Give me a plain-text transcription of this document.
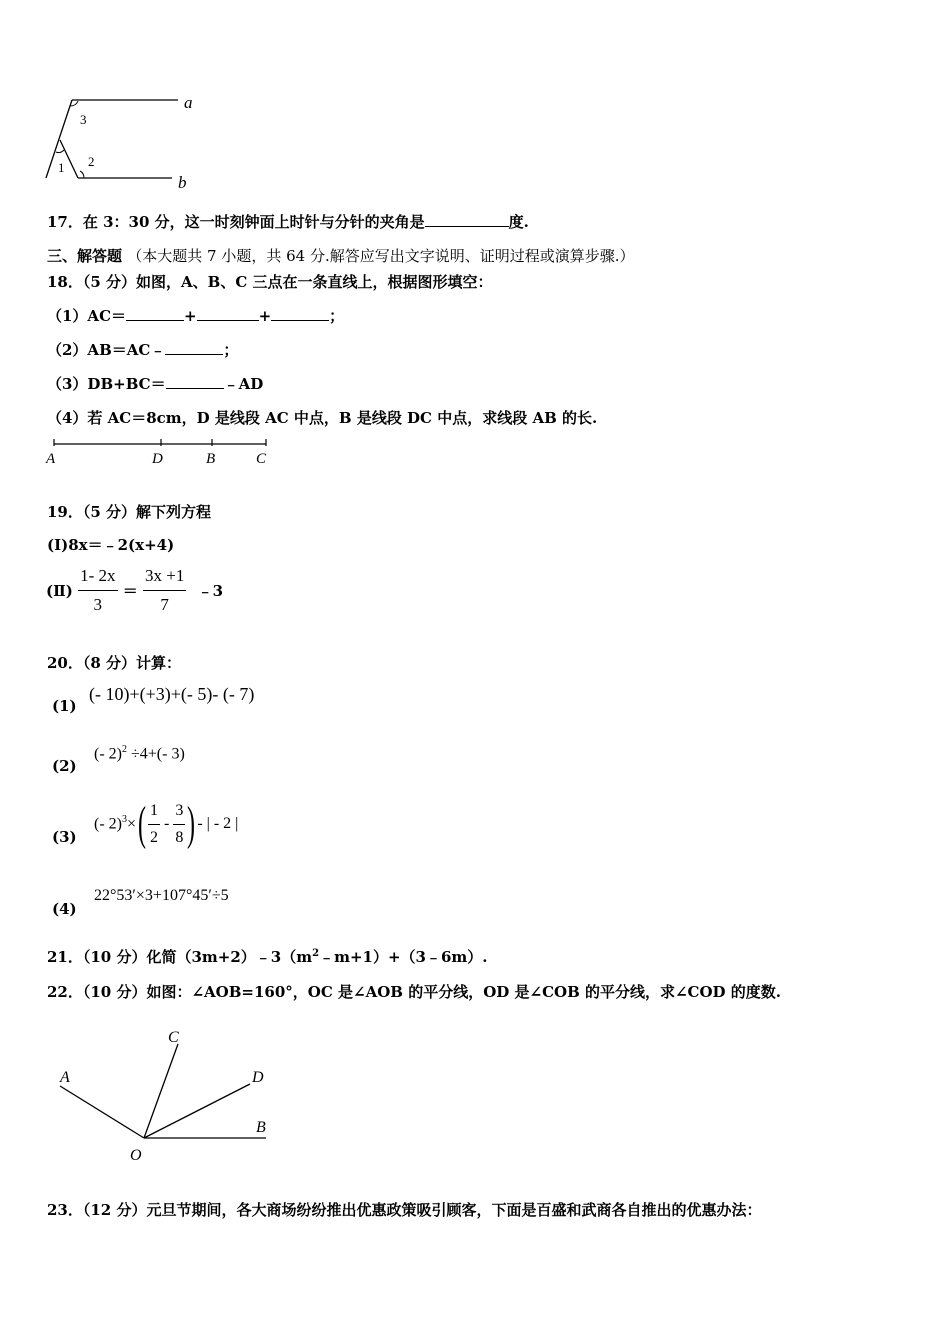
a
b
1 2
3
17．在 3：30 分，这一时刻钟面上时针与分针的夹角是	度.
三、解答题 （本大题共 7 小题，共 64 分.解答应写出文字说明、证明过程或演算步骤.）
18．（5 分）如图，A、B、C 三点在一条直线上，根据图形填空：
（1）AC＝	+	+	；
（2）AB＝AC﹣	；
（3）DB+BC＝	﹣AD
（4）若 AC＝8cm，D 是线段 AC 中点，B 是线段 DC 中点，求线段 AB 的长.
A	D	B	C
19．（5 分）解下列方程
(Ⅰ)8x＝﹣2(x+4)
(Ⅱ) $\frac{1- 2x}{3} = \frac{3x +1}{7}$ ﹣3
20．（8 分）计算：
(1)
(- 10)+(+3)+(- 5)- (- 7)
(2)
(- 2)$^2$ ÷4+(- 3)
(3)
(- 2)$^3$× ( $\frac{1}{2} - \frac{3}{8}$ ) - | - 2 |
(4)
22°53′×3+107°45′÷5
21．（10 分）化简$(3m+2)﹣3(m^2﹣m+1)+(3﹣6m)$.
22．（10 分）如图：∠AOB=160°，OC 是∠AOB 的平分线，OD 是∠COB 的平分线，求∠COD 的度数.
A
C
D
B
O
23．（12 分）元旦节期间，各大商场纷纷推出优惠政策吸引顾客，下面是百盛和武商各自推出的优惠办法：
